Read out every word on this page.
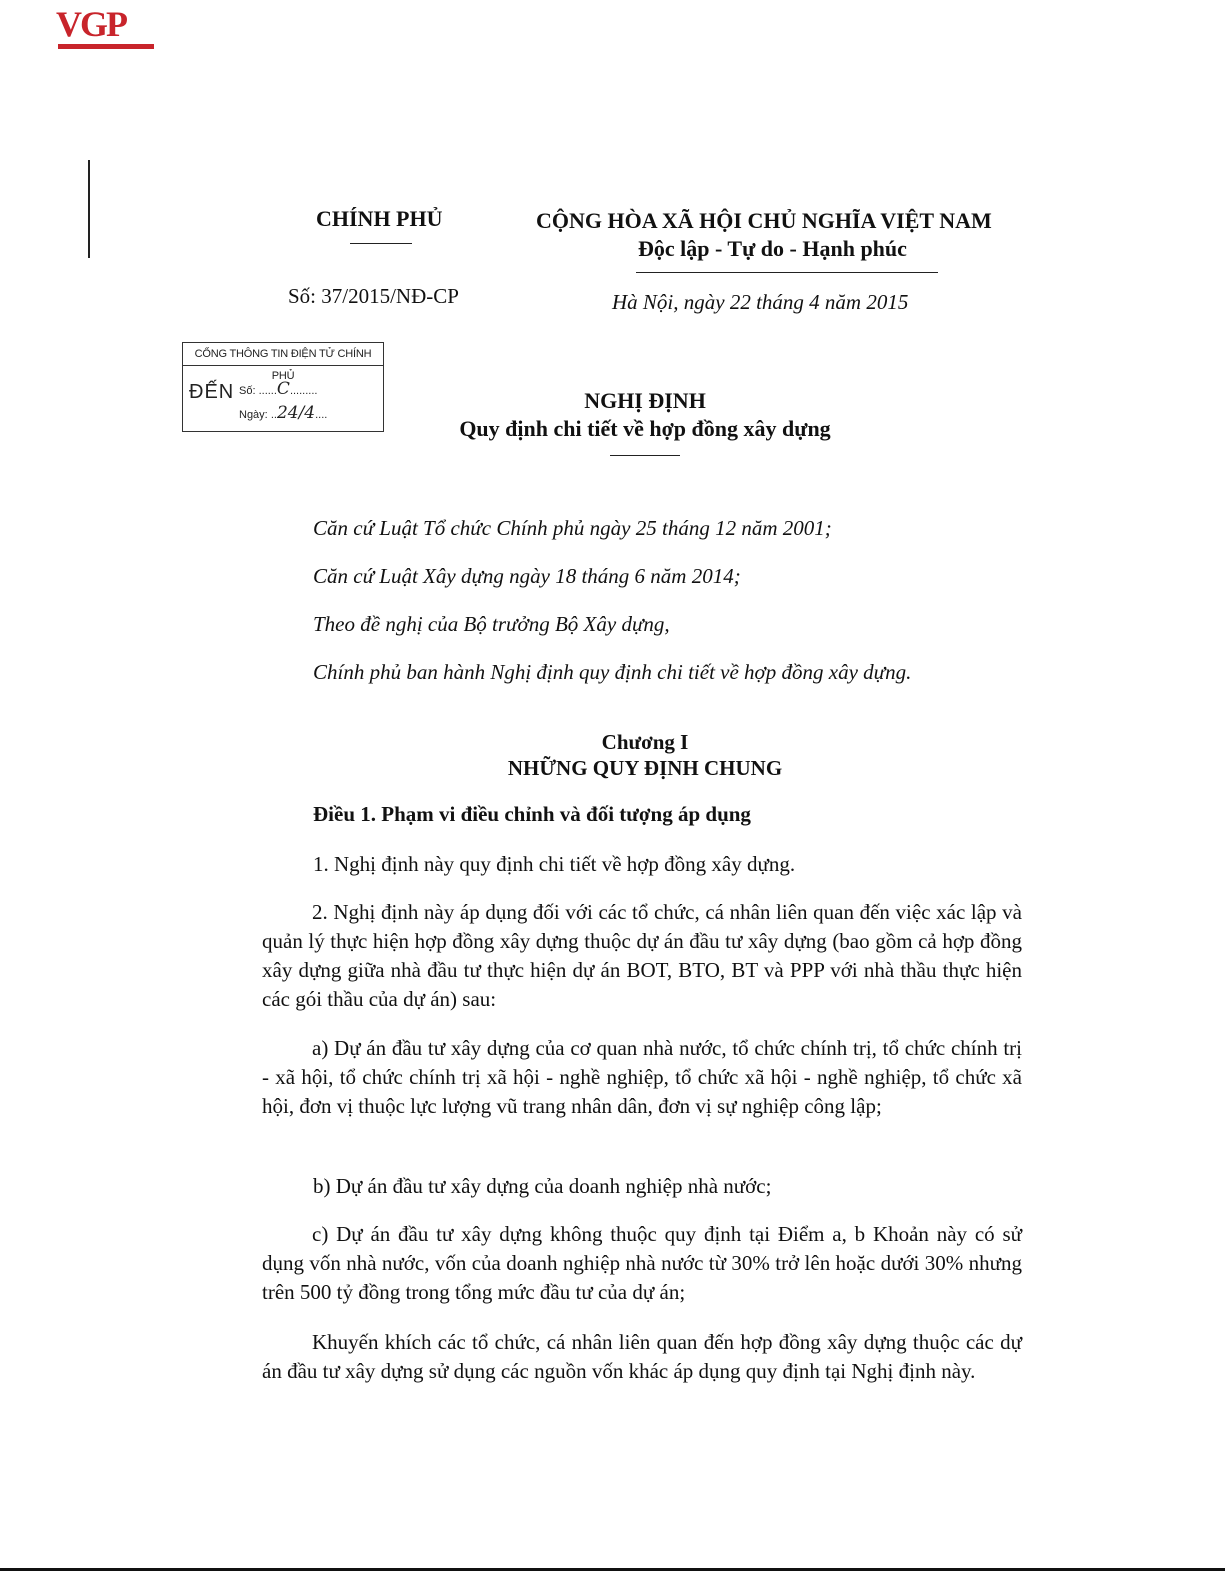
VGP
CHÍNH PHỦ	CỘNG HÒA XÃ HỘI CHỦ NGHĨA VIỆT NAM
Độc lập - Tự do - Hạnh phúc
Số: 37/2015/NĐ-CP	Hà Nội, ngày 22 tháng 4 năm 2015
CỔNG THÔNG TIN ĐIỆN TỬ CHÍNH PHỦ
ĐẾN Số: ......C.........
Ngày: ..24/4....
NGHỊ ĐỊNH
Quy định chi tiết về hợp đồng xây dựng
Căn cứ Luật Tổ chức Chính phủ ngày 25 tháng 12 năm 2001;
Căn cứ Luật Xây dựng ngày 18 tháng 6 năm 2014;
Theo đề nghị của Bộ trưởng Bộ Xây dựng,
Chính phủ ban hành Nghị định quy định chi tiết về hợp đồng xây dựng.
Chương I
NHỮNG QUY ĐỊNH CHUNG
Điều 1. Phạm vi điều chỉnh và đối tượng áp dụng
1. Nghị định này quy định chi tiết về hợp đồng xây dựng.
2. Nghị định này áp dụng đối với các tổ chức, cá nhân liên quan đến việc xác lập và quản lý thực hiện hợp đồng xây dựng thuộc dự án đầu tư xây dựng (bao gồm cả hợp đồng xây dựng giữa nhà đầu tư thực hiện dự án BOT, BTO, BT và PPP với nhà thầu thực hiện các gói thầu của dự án) sau:
a) Dự án đầu tư xây dựng của cơ quan nhà nước, tổ chức chính trị, tổ chức chính trị - xã hội, tổ chức chính trị xã hội - nghề nghiệp, tổ chức xã hội - nghề nghiệp, tổ chức xã hội, đơn vị thuộc lực lượng vũ trang nhân dân, đơn vị sự nghiệp công lập;
b) Dự án đầu tư xây dựng của doanh nghiệp nhà nước;
c) Dự án đầu tư xây dựng không thuộc quy định tại Điểm a, b Khoản này có sử dụng vốn nhà nước, vốn của doanh nghiệp nhà nước từ 30% trở lên hoặc dưới 30% nhưng trên 500 tỷ đồng trong tổng mức đầu tư của dự án;
Khuyến khích các tổ chức, cá nhân liên quan đến hợp đồng xây dựng thuộc các dự án đầu tư xây dựng sử dụng các nguồn vốn khác áp dụng quy định tại Nghị định này.
